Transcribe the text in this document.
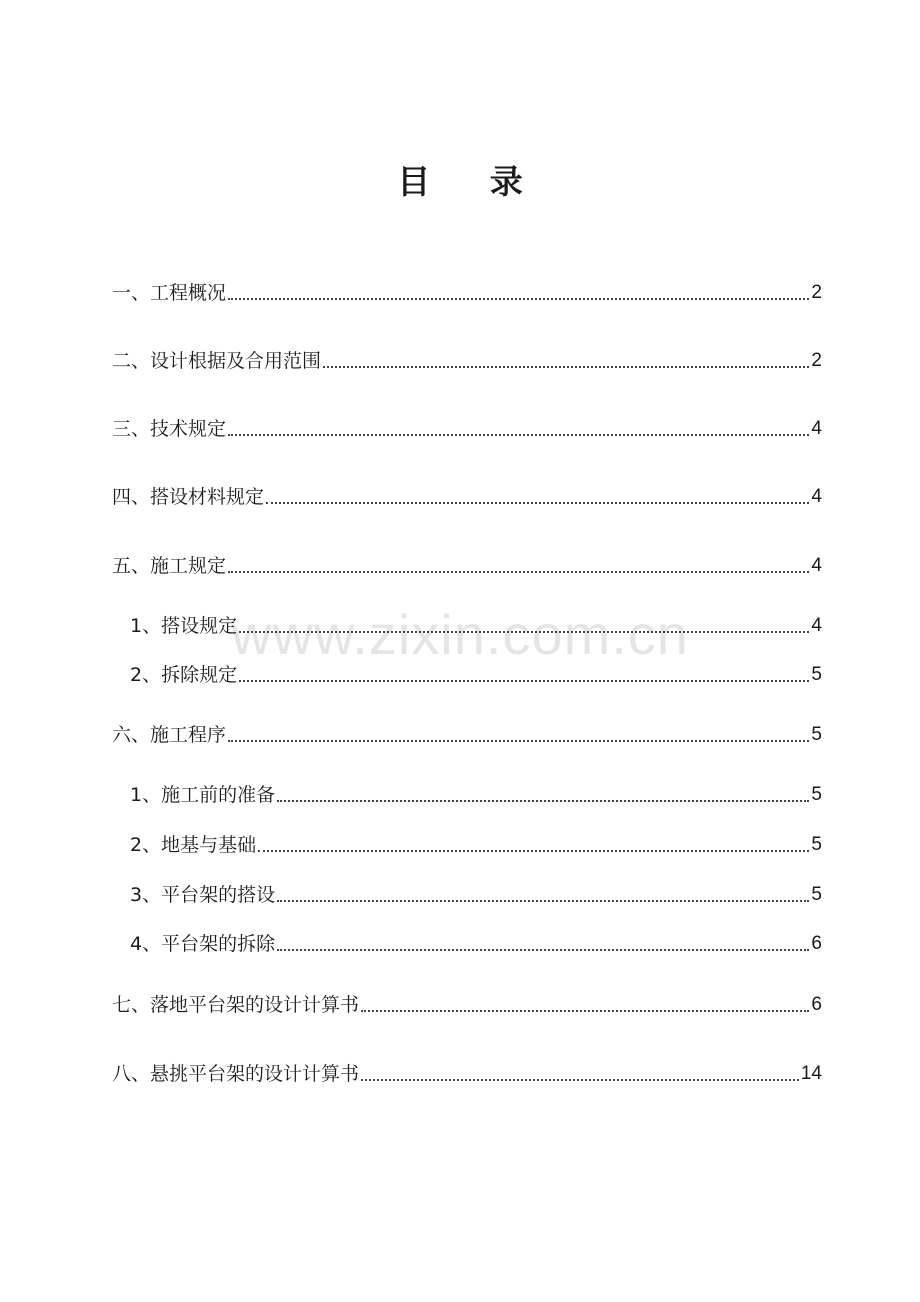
目 录
www.zixin.com.cn
一、工程概况	2
二、设计根据及合用范围	2
三、技术规定	4
四、搭设材料规定	4
五、施工规定	4
1、搭设规定	4
2、拆除规定	5
六、施工程序	5
1、施工前的准备	5
2、地基与基础	5
3、平台架的搭设	5
4、平台架的拆除	6
七、落地平台架的设计计算书	6
八、悬挑平台架的设计计算书	14
